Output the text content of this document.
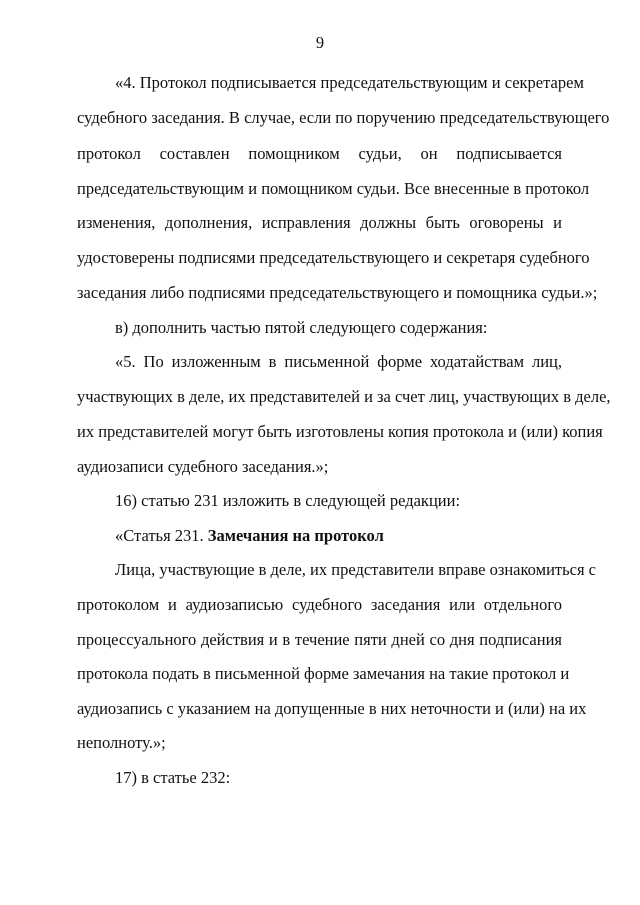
9
«4. Протокол подписывается председательствующим и секретарем
судебного заседания. В случае, если по поручению председательствующего
протокол составлен помощником судьи, он подписывается
председательствующим и помощником судьи. Все внесенные в протокол
изменения, дополнения, исправления должны быть оговорены и
удостоверены подписями председательствующего и секретаря судебного
заседания либо подписями председательствующего и помощника судьи.»;
в) дополнить частью пятой следующего содержания:
«5. По изложенным в письменной форме ходатайствам лиц,
участвующих в деле, их представителей и за счет лиц, участвующих в деле,
их представителей могут быть изготовлены копия протокола и (или) копия
аудиозаписи судебного заседания.»;
16) статью 231 изложить в следующей редакции:
«Статья 231. Замечания на протокол
Лица, участвующие в деле, их представители вправе ознакомиться с
протоколом и аудиозаписью судебного заседания или отдельного
процессуального действия и в течение пяти дней со дня подписания
протокола подать в письменной форме замечания на такие протокол и
аудиозапись с указанием на допущенные в них неточности и (или) на их
неполноту.»;
17) в статье 232:
